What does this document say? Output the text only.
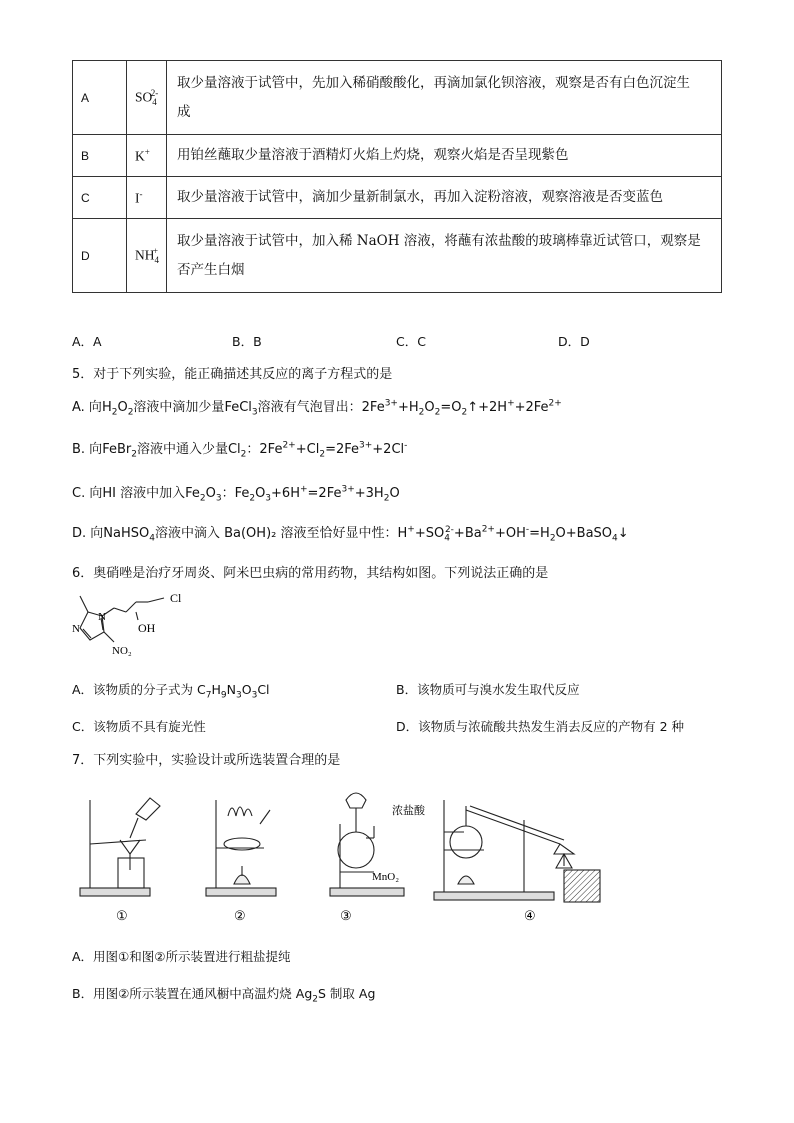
A	$SO_4^{2-}$	取少量溶液于试管中，先加入稀硝酸酸化，再滴加氯化钡溶液，观察是否有白色沉淀生
成
B	K+	用铂丝蘸取少量溶液于酒精灯火焰上灼烧，观察火焰是否呈现紫色
C	I-	取少量溶液于试管中，滴加少量新制氯水，再加入淀粉溶液，观察溶液是否变蓝色
D	$NH_4^+$	取少量溶液于试管中，加入稀 NaOH 溶液，将蘸有浓盐酸的玻璃棒靠近试管口，观察是
否产生白烟
A．A	B．B	C．C	D．D
5．对于下列实验，能正确描述其反应的离子方程式的是
A. 向$H_2O_2$溶液中滴加少量FeCl$_3$溶液有气泡冒出：$2Fe^{3+}+H_2O_2=O_2↑+2H^++2Fe^{2+}$
B. 向FeBr$_2$溶液中通入少量$Cl_2$：$2Fe^{2+}+Cl_2=2Fe^{3+}+2Cl^-$
C. 向HI 溶液中加入$Fe_2O_3$：$Fe_2O_3+6H^+=2Fe^{3+}+3H_2O$
D. 向NaHSO$_4$溶液中滴入 Ba(OH)₂ 溶液至恰好显中性：$H^++SO_4^{2-}+Ba^{2+}+OH^-=H_2O+BaSO_4↓$
6．奥硝唑是治疗牙周炎、阿米巴虫病的常用药物，其结构如图。下列说法正确的是
Cl
OH
N
N
NO₂
A．该物质的分子式为 $C_7H_9N_3O_3Cl$	B．该物质可与溴水发生取代反应
C．该物质不具有旋光性	D．该物质与浓硫酸共热发生消去反应的产物有 2 种
7．下列实验中，实验设计或所选装置合理的是
浓盐酸
MnO₂
①	②	③	④
A．用图①和图②所示装置进行粗盐提纯
B．用图②所示装置在通风橱中高温灼烧 $Ag_2S$ 制取 Ag
